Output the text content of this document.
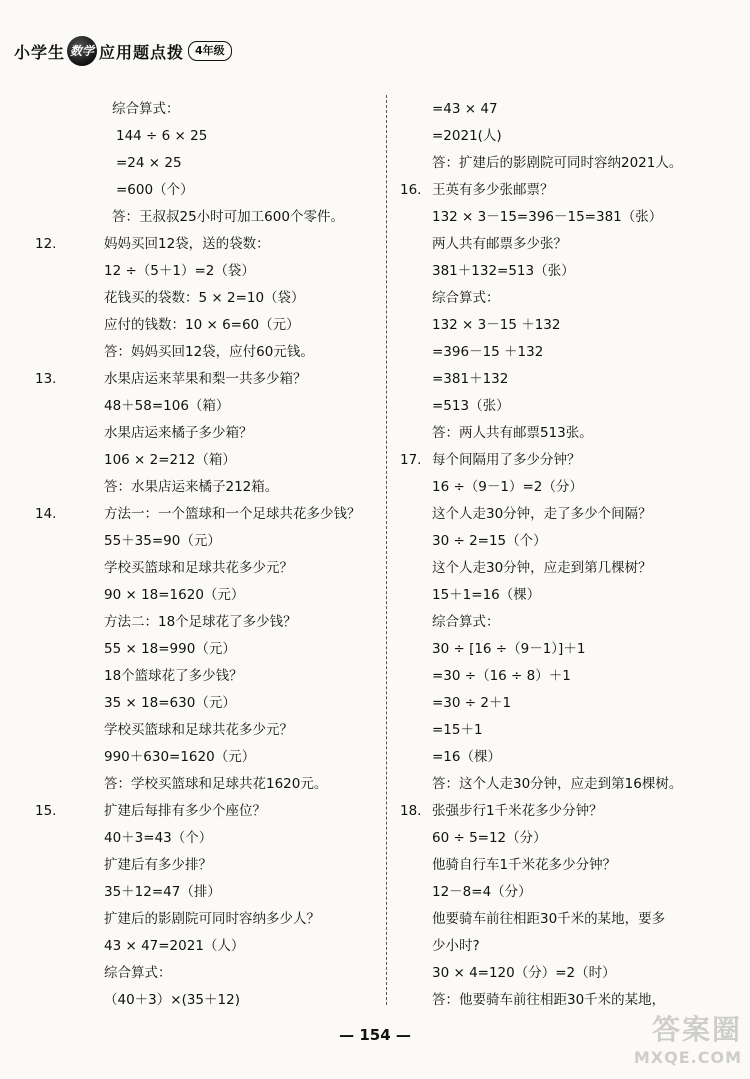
小学生 数学 应用题点拨	4年级
综合算式：
144 ÷ 6 × 25
=24 × 25
=600（个）
答：王叔叔25小时可加工600个零件。
12.	妈妈买回12袋，送的袋数：
12 ÷（5＋1）=2（袋）
花钱买的袋数：5 × 2=10（袋）
应付的钱数：10 × 6=60（元）
答：妈妈买回12袋，应付60元钱。
13.	水果店运来苹果和梨一共多少箱？
48＋58=106（箱）
水果店运来橘子多少箱？
106 × 2=212（箱）
答：水果店运来橘子212箱。
14.	方法一：一个篮球和一个足球共花多少钱？
55＋35=90（元）
学校买篮球和足球共花多少元？
90 × 18=1620（元）
方法二：18个足球花了多少钱？
55 × 18=990（元）
18个篮球花了多少钱？
35 × 18=630（元）
学校买篮球和足球共花多少元？
990＋630=1620（元）
答：学校买篮球和足球共花1620元。
15.	扩建后每排有多少个座位？
40＋3=43（个）
扩建后有多少排？
35＋12=47（排）
扩建后的影剧院可同时容纳多少人？
43 × 47=2021（人）
综合算式：
（40＋3）×(35＋12)
=43 × 47
=2021(人)
答：扩建后的影剧院可同时容纳2021人。
16. 王英有多少张邮票？
132 × 3－15=396－15=381（张）
两人共有邮票多少张？
381＋132=513（张）
综合算式：
132 × 3－15 ＋132
=396－15 ＋132
=381＋132
=513（张）
答：两人共有邮票513张。
17. 每个间隔用了多少分钟？
16 ÷（9－1）=2（分）
这个人走30分钟，走了多少个间隔？
30 ÷ 2=15（个）
这个人走30分钟，应走到第几棵树？
15＋1=16（棵）
综合算式：
30 ÷ [16 ÷（9－1）]＋1
=30 ÷（16 ÷ 8）＋1
=30 ÷ 2＋1
=15＋1
=16（棵）
答：这个人走30分钟，应走到第16棵树。
18. 张强步行1千米花多少分钟？
60 ÷ 5=12（分）
他骑自行车1千米花多少分钟？
12－8=4（分）
他要骑车前往相距30千米的某地，要多
少小时?
30 × 4=120（分）=2（时）
答：他要骑车前往相距30千米的某地，
— 154 —	答案圈
MXQE.COM
